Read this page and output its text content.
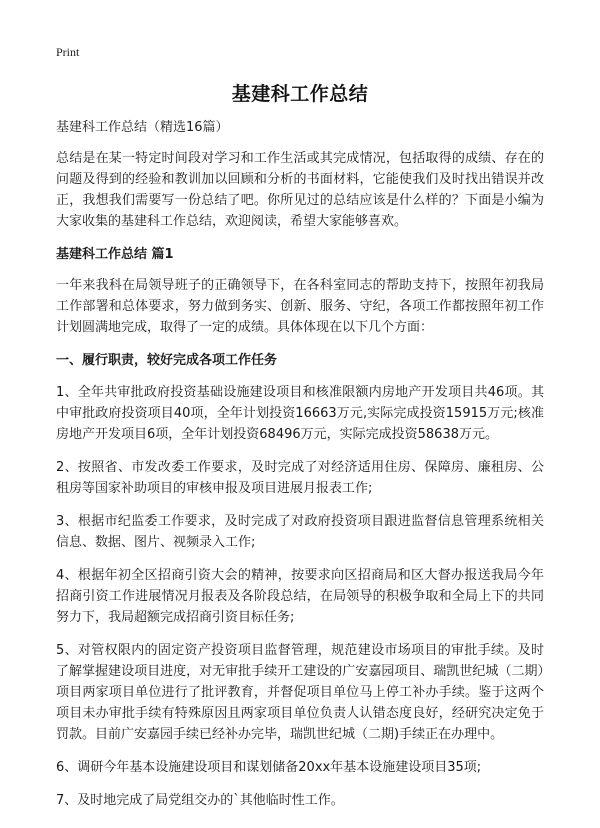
Print

基建科工作总结

基建科工作总结（精选16篇）

总结是在某一特定时间段对学习和工作生活或其完成情况，包括取得的成绩、存在的问题及得到的经验和教训加以回顾和分析的书面材料，它能使我们及时找出错误并改正，我想我们需要写一份总结了吧。你所见过的总结应该是什么样的？下面是小编为大家收集的基建科工作总结，欢迎阅读，希望大家能够喜欢。

基建科工作总结 篇1

一年来我科在局领导班子的正确领导下，在各科室同志的帮助支持下，按照年初我局工作部署和总体要求，努力做到务实、创新、服务、守纪，各项工作都按照年初工作计划圆满地完成，取得了一定的成绩。具体体现在以下几个方面：

一、履行职责，较好完成各项工作任务

1、全年共审批政府投资基础设施建设项目和核准限额内房地产开发项目共46项。其中审批政府投资项目40项，全年计划投资16663万元,实际完成投资15915万元;核准房地产开发项目6项，全年计划投资68496万元，实际完成投资58638万元。

2、按照省、市发改委工作要求，及时完成了对经济适用住房、保障房、廉租房、公租房等国家补助项目的审核申报及项目进展月报表工作;

3、根据市纪监委工作要求，及时完成了对政府投资项目跟进监督信息管理系统相关信息、数据、图片、视频录入工作;

4、根据年初全区招商引资大会的精神，按要求向区招商局和区大督办报送我局今年招商引资工作进展情况月报表及各阶段总结，在局领导的积极争取和全局上下的共同努力下，我局超额完成招商引资目标任务;

5、对管权限内的固定资产投资项目监督管理，规范建设市场项目的审批手续。及时了解掌握建设项目进度，对无审批手续开工建设的广安嘉园项目、瑞凯世纪城（二期）项目两家项目单位进行了批评教育，并督促项目单位马上停工补办手续。鉴于这两个项目未办审批手续有特殊原因且两家项目单位负责人认错态度良好，经研究决定免于罚款。目前广安嘉园手续已经补办完毕，瑞凯世纪城（二期)手续正在办理中。

6、调研今年基本设施建设项目和谋划储备20xx年基本设施建设项目35项;

7、及时地完成了局党组交办的`其他临时性工作。
